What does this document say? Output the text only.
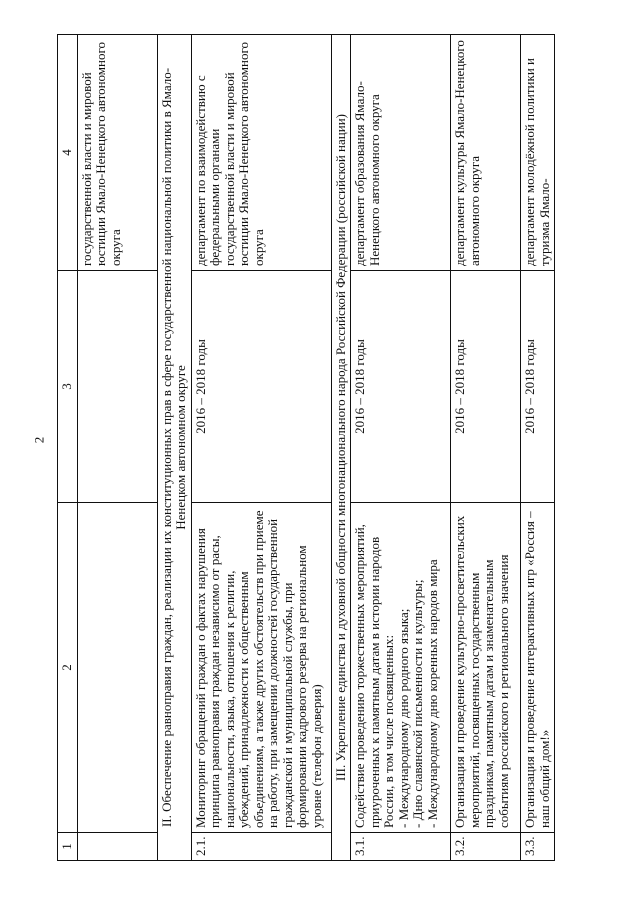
2
1	2	3	4
			государственной власти и мировой юстиции Ямало-Ненецкого автономного округа
II. Обеспечение равноправия граждан, реализации их конституционных прав в сфере государственной национальной политики в Ямало-Ненецком автономном округе			
2.1.	Мониторинг обращений граждан о фактах нарушения принципа равноправия граждан независимо от расы, национальности, языка, отношения к религии, убеждений, принадлежности к общественным объединениям, а также других обстоятельств при приеме на работу, при замещении должностей государственной гражданской и муниципальной службы, при формировании кадрового резерва на региональном уровне (телефон доверия)	2016 – 2018 годы	департамент по взаимодействию с федеральными органами государственной власти и мировой юстиции Ямало-Ненецкого автономного округа
III. Укрепление единства и духовной общности многонационального народа Российской Федерации (российской нации)			
3.1.	Содействие проведению торжественных мероприятий, приуроченных к памятным датам в истории народов России, в том числе посвященных:
- Международному дню родного языка;
- Дню славянской письменности и культуры;
- Международному дню коренных народов мира	2016 – 2018 годы	департамент образования Ямало-Ненецкого автономного округа
3.2.	Организация и проведение культурно-просветительских мероприятий, посвященных государственным праздникам, памятным датам и знаменательным событиям российского и регионального значения	2016 – 2018 годы	департамент культуры Ямало-Ненецкого автономного округа
3.3.	Организация и проведение интерактивных игр «Россия – наш общий дом!»	2016 – 2018 годы	департамент молодёжной политики и туризма Ямало-
